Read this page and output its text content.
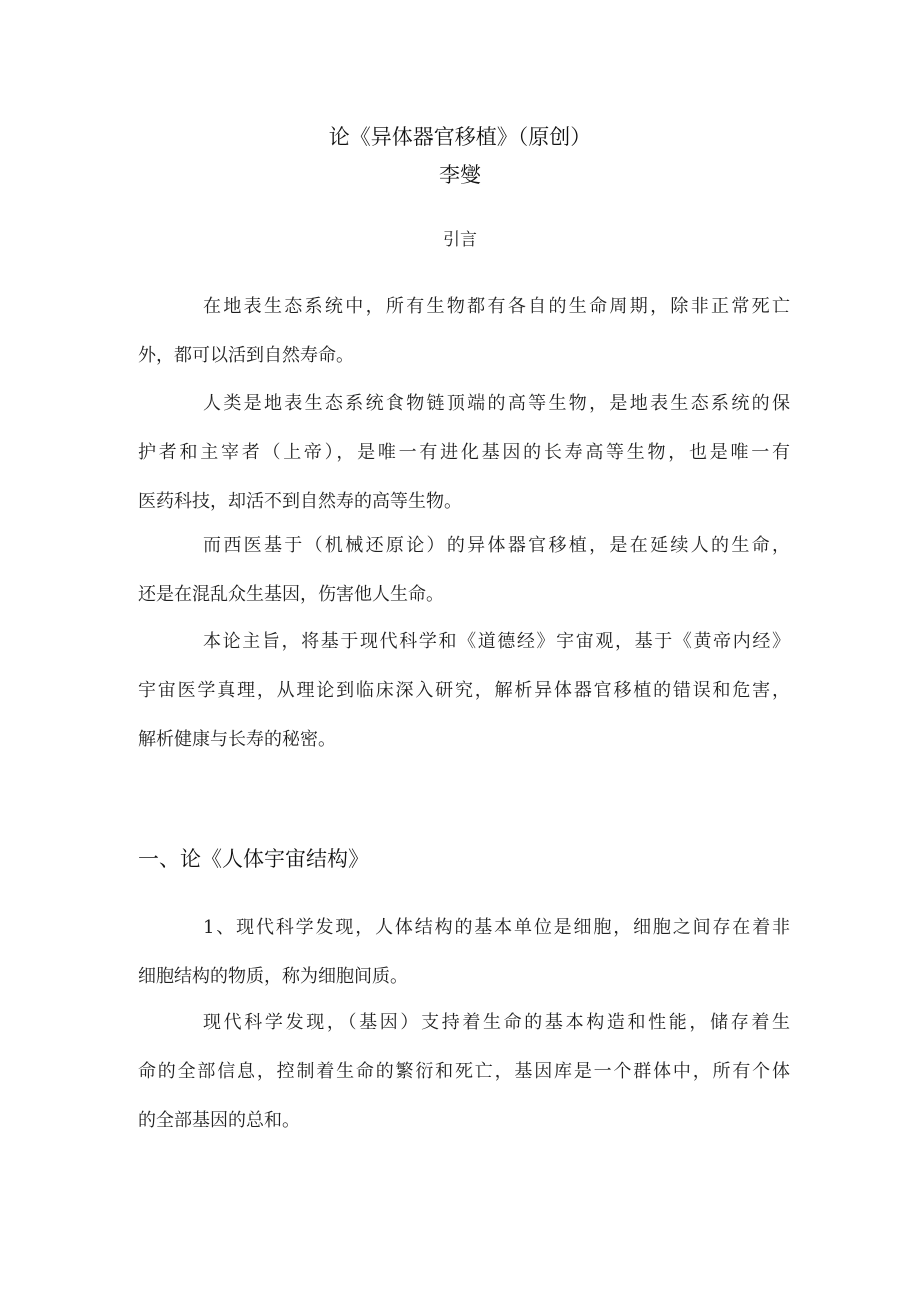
论《异体器官移植》（原创）
李燮
引言

在地表生态系统中，所有生物都有各自的生命周期，除非正常死亡
外，都可以活到自然寿命。

人类是地表生态系统食物链顶端的高等生物，是地表生态系统的保
护者和主宰者（上帝），是唯一有进化基因的长寿高等生物，也是唯一有
医药科技，却活不到自然寿的高等生物。

而西医基于（机械还原论）的异体器官移植，是在延续人的生命，
还是在混乱众生基因，伤害他人生命。

本论主旨，将基于现代科学和《道德经》宇宙观，基于《黄帝内经》
宇宙医学真理，从理论到临床深入研究，解析异体器官移植的错误和危害，
解析健康与长寿的秘密。

一、论《人体宇宙结构》

1、现代科学发现，人体结构的基本单位是细胞，细胞之间存在着非
细胞结构的物质，称为细胞间质。

现代科学发现，（基因）支持着生命的基本构造和性能，储存着生
命的全部信息，控制着生命的繁衍和死亡，基因库是一个群体中，所有个体
的全部基因的总和。
